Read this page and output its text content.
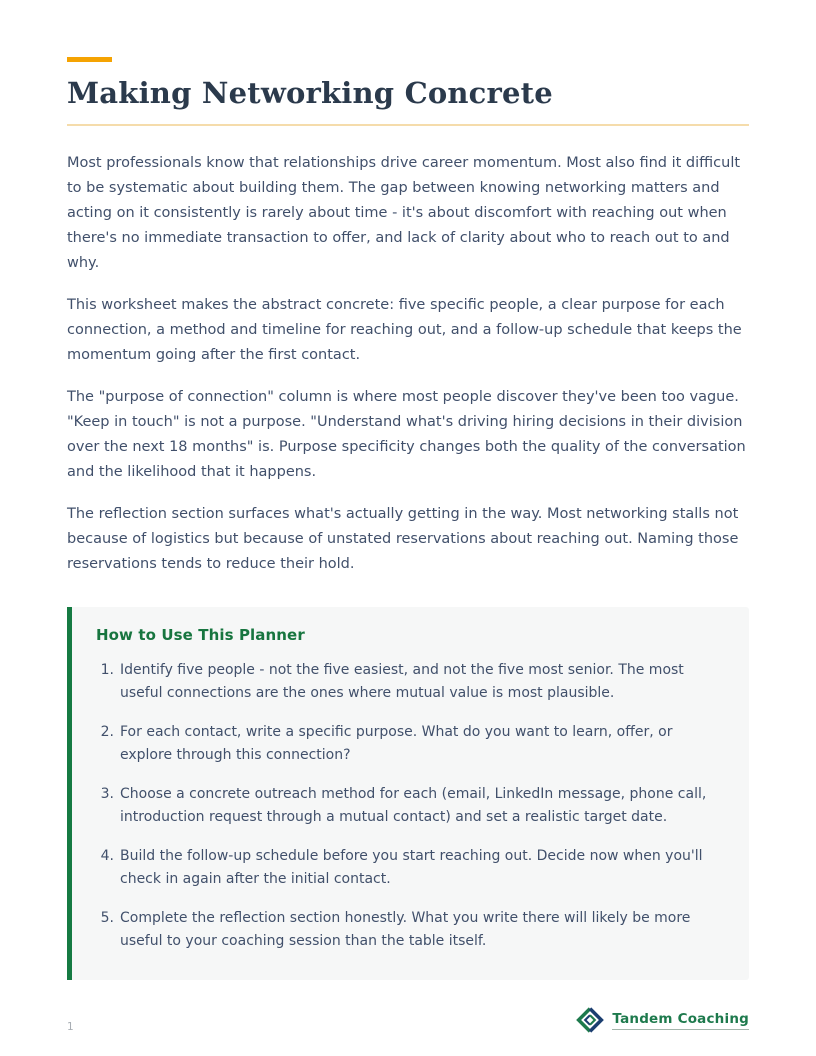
Making Networking Concrete

Most professionals know that relationships drive career momentum. Most also find it difficult to be systematic about building them. The gap between knowing networking matters and acting on it consistently is rarely about time - it's about discomfort with reaching out when there's no immediate transaction to offer, and lack of clarity about who to reach out to and why.

This worksheet makes the abstract concrete: five specific people, a clear purpose for each connection, a method and timeline for reaching out, and a follow-up schedule that keeps the momentum going after the first contact.

The "purpose of connection" column is where most people discover they've been too vague. "Keep in touch" is not a purpose. "Understand what's driving hiring decisions in their division over the next 18 months" is. Purpose specificity changes both the quality of the conversation and the likelihood that it happens.

The reflection section surfaces what's actually getting in the way. Most networking stalls not because of logistics but because of unstated reservations about reaching out. Naming those reservations tends to reduce their hold.

How to Use This Planner
1. Identify five people - not the five easiest, and not the five most senior. The most useful connections are the ones where mutual value is most plausible.
2. For each contact, write a specific purpose. What do you want to learn, offer, or explore through this connection?
3. Choose a concrete outreach method for each (email, LinkedIn message, phone call, introduction request through a mutual contact) and set a realistic target date.
4. Build the follow-up schedule before you start reaching out. Decide now when you'll check in again after the initial contact.
5. Complete the reflection section honestly. What you write there will likely be more useful to your coaching session than the table itself.
1
Tandem Coaching
